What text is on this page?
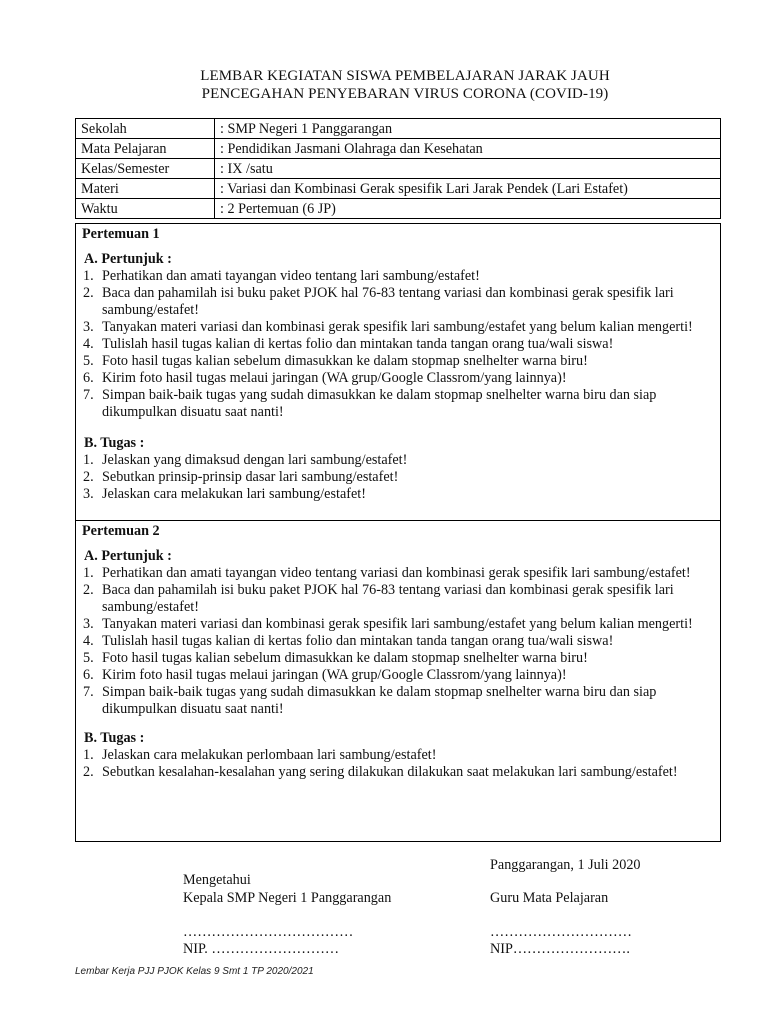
LEMBAR KEGIATAN SISWA PEMBELAJARAN JARAK JAUH
PENCEGAHAN PENYEBARAN VIRUS CORONA (COVID-19)
Sekolah	: SMP Negeri 1 Panggarangan
Mata Pelajaran	: Pendidikan Jasmani Olahraga dan Kesehatan
Kelas/Semester	: IX /satu
Materi	: Variasi dan Kombinasi Gerak spesifik Lari Jarak Pendek (Lari Estafet)
Waktu	: 2 Pertemuan (6 JP)
Pertemuan 1
A. Pertunjuk :
1. Perhatikan dan amati tayangan video tentang lari sambung/estafet!
2. Baca dan pahamilah isi buku paket PJOK hal 76-83 tentang variasi dan kombinasi gerak spesifik lari sambung/estafet!
3. Tanyakan materi variasi dan kombinasi gerak spesifik lari sambung/estafet yang belum kalian mengerti!
4. Tulislah hasil tugas kalian di kertas folio dan mintakan tanda tangan orang tua/wali siswa!
5. Foto hasil tugas kalian sebelum dimasukkan ke dalam stopmap snelhelter warna biru!
6. Kirim foto hasil tugas melaui jaringan (WA grup/Google Classrom/yang lainnya)!
7. Simpan baik-baik tugas yang sudah dimasukkan ke dalam stopmap snelhelter warna biru dan siap dikumpulkan disuatu saat nanti!
B. Tugas :
1. Jelaskan yang dimaksud dengan lari sambung/estafet!
2. Sebutkan prinsip-prinsip dasar lari sambung/estafet!
3. Jelaskan cara melakukan lari sambung/estafet!
Pertemuan 2
A. Pertunjuk :
1. Perhatikan dan amati tayangan video tentang variasi dan kombinasi gerak spesifik lari sambung/estafet!
2. Baca dan pahamilah isi buku paket PJOK hal 76-83 tentang variasi dan kombinasi gerak spesifik lari sambung/estafet!
3. Tanyakan materi variasi dan kombinasi gerak spesifik lari sambung/estafet yang belum kalian mengerti!
4. Tulislah hasil tugas kalian di kertas folio dan mintakan tanda tangan orang tua/wali siswa!
5. Foto hasil tugas kalian sebelum dimasukkan ke dalam stopmap snelhelter warna biru!
6. Kirim foto hasil tugas melaui jaringan (WA grup/Google Classrom/yang lainnya)!
7. Simpan baik-baik tugas yang sudah dimasukkan ke dalam stopmap snelhelter warna biru dan siap dikumpulkan disuatu saat nanti!
B. Tugas :
1. Jelaskan cara melakukan perlombaan lari sambung/estafet!
2. Sebutkan kesalahan-kesalahan yang sering dilakukan dilakukan saat melakukan lari sambung/estafet!
Panggarangan, 1 Juli 2020
Mengetahui
Kepala SMP Negeri 1 Panggarangan	Guru Mata Pelajaran
………………………………	…………………………
NIP. ………………………	NIP…………………….
Lembar Kerja PJJ PJOK Kelas 9 Smt 1 TP 2020/2021
